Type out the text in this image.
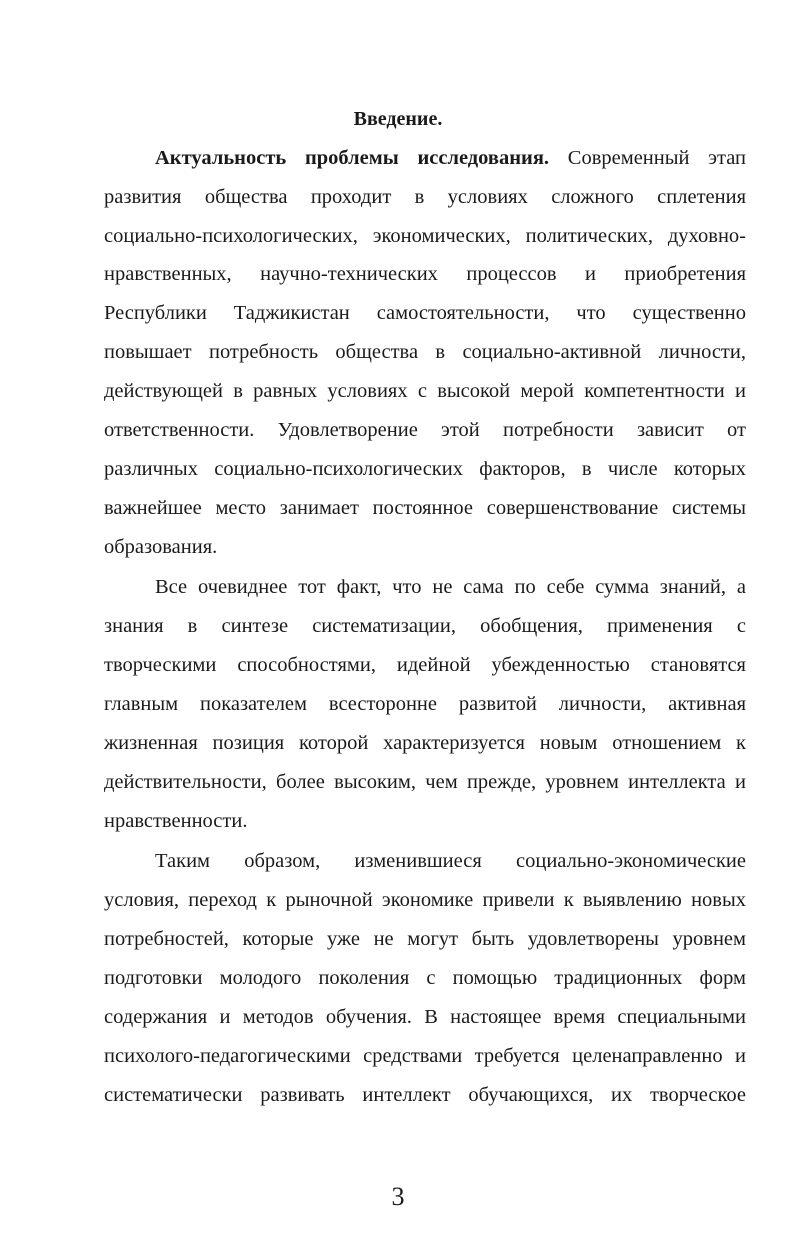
Введение.
Актуальность проблемы исследования. Современный этап
развития общества проходит в условиях сложного сплетения
социально-психологических, экономических, политических, духовно-
нравственных, научно-технических процессов и приобретения
Республики Таджикистан самостоятельности, что существенно
повышает потребность общества в социально-активной личности,
действующей в равных условиях с высокой мерой компетентности и
ответственности. Удовлетворение этой потребности зависит от
различных социально-психологических факторов, в числе которых
важнейшее место занимает постоянное совершенствование системы
образования.
Все очевиднее тот факт, что не сама по себе сумма знаний, а
знания в синтезе систематизации, обобщения, применения с
творческими способностями, идейной убежденностью становятся
главным показателем всесторонне развитой личности, активная
жизненная позиция которой характеризуется новым отношением к
действительности, более высоким, чем прежде, уровнем интеллекта и
нравственности.
Таким образом, изменившиеся социально-экономические
условия, переход к рыночной экономике привели к выявлению новых
потребностей, которые уже не могут быть удовлетворены уровнем
подготовки молодого поколения с помощью традиционных форм
содержания и методов обучения. В настоящее время специальными
психолого-педагогическими средствами требуется целенаправленно и
систематически развивать интеллект обучающихся, их творческое
3
